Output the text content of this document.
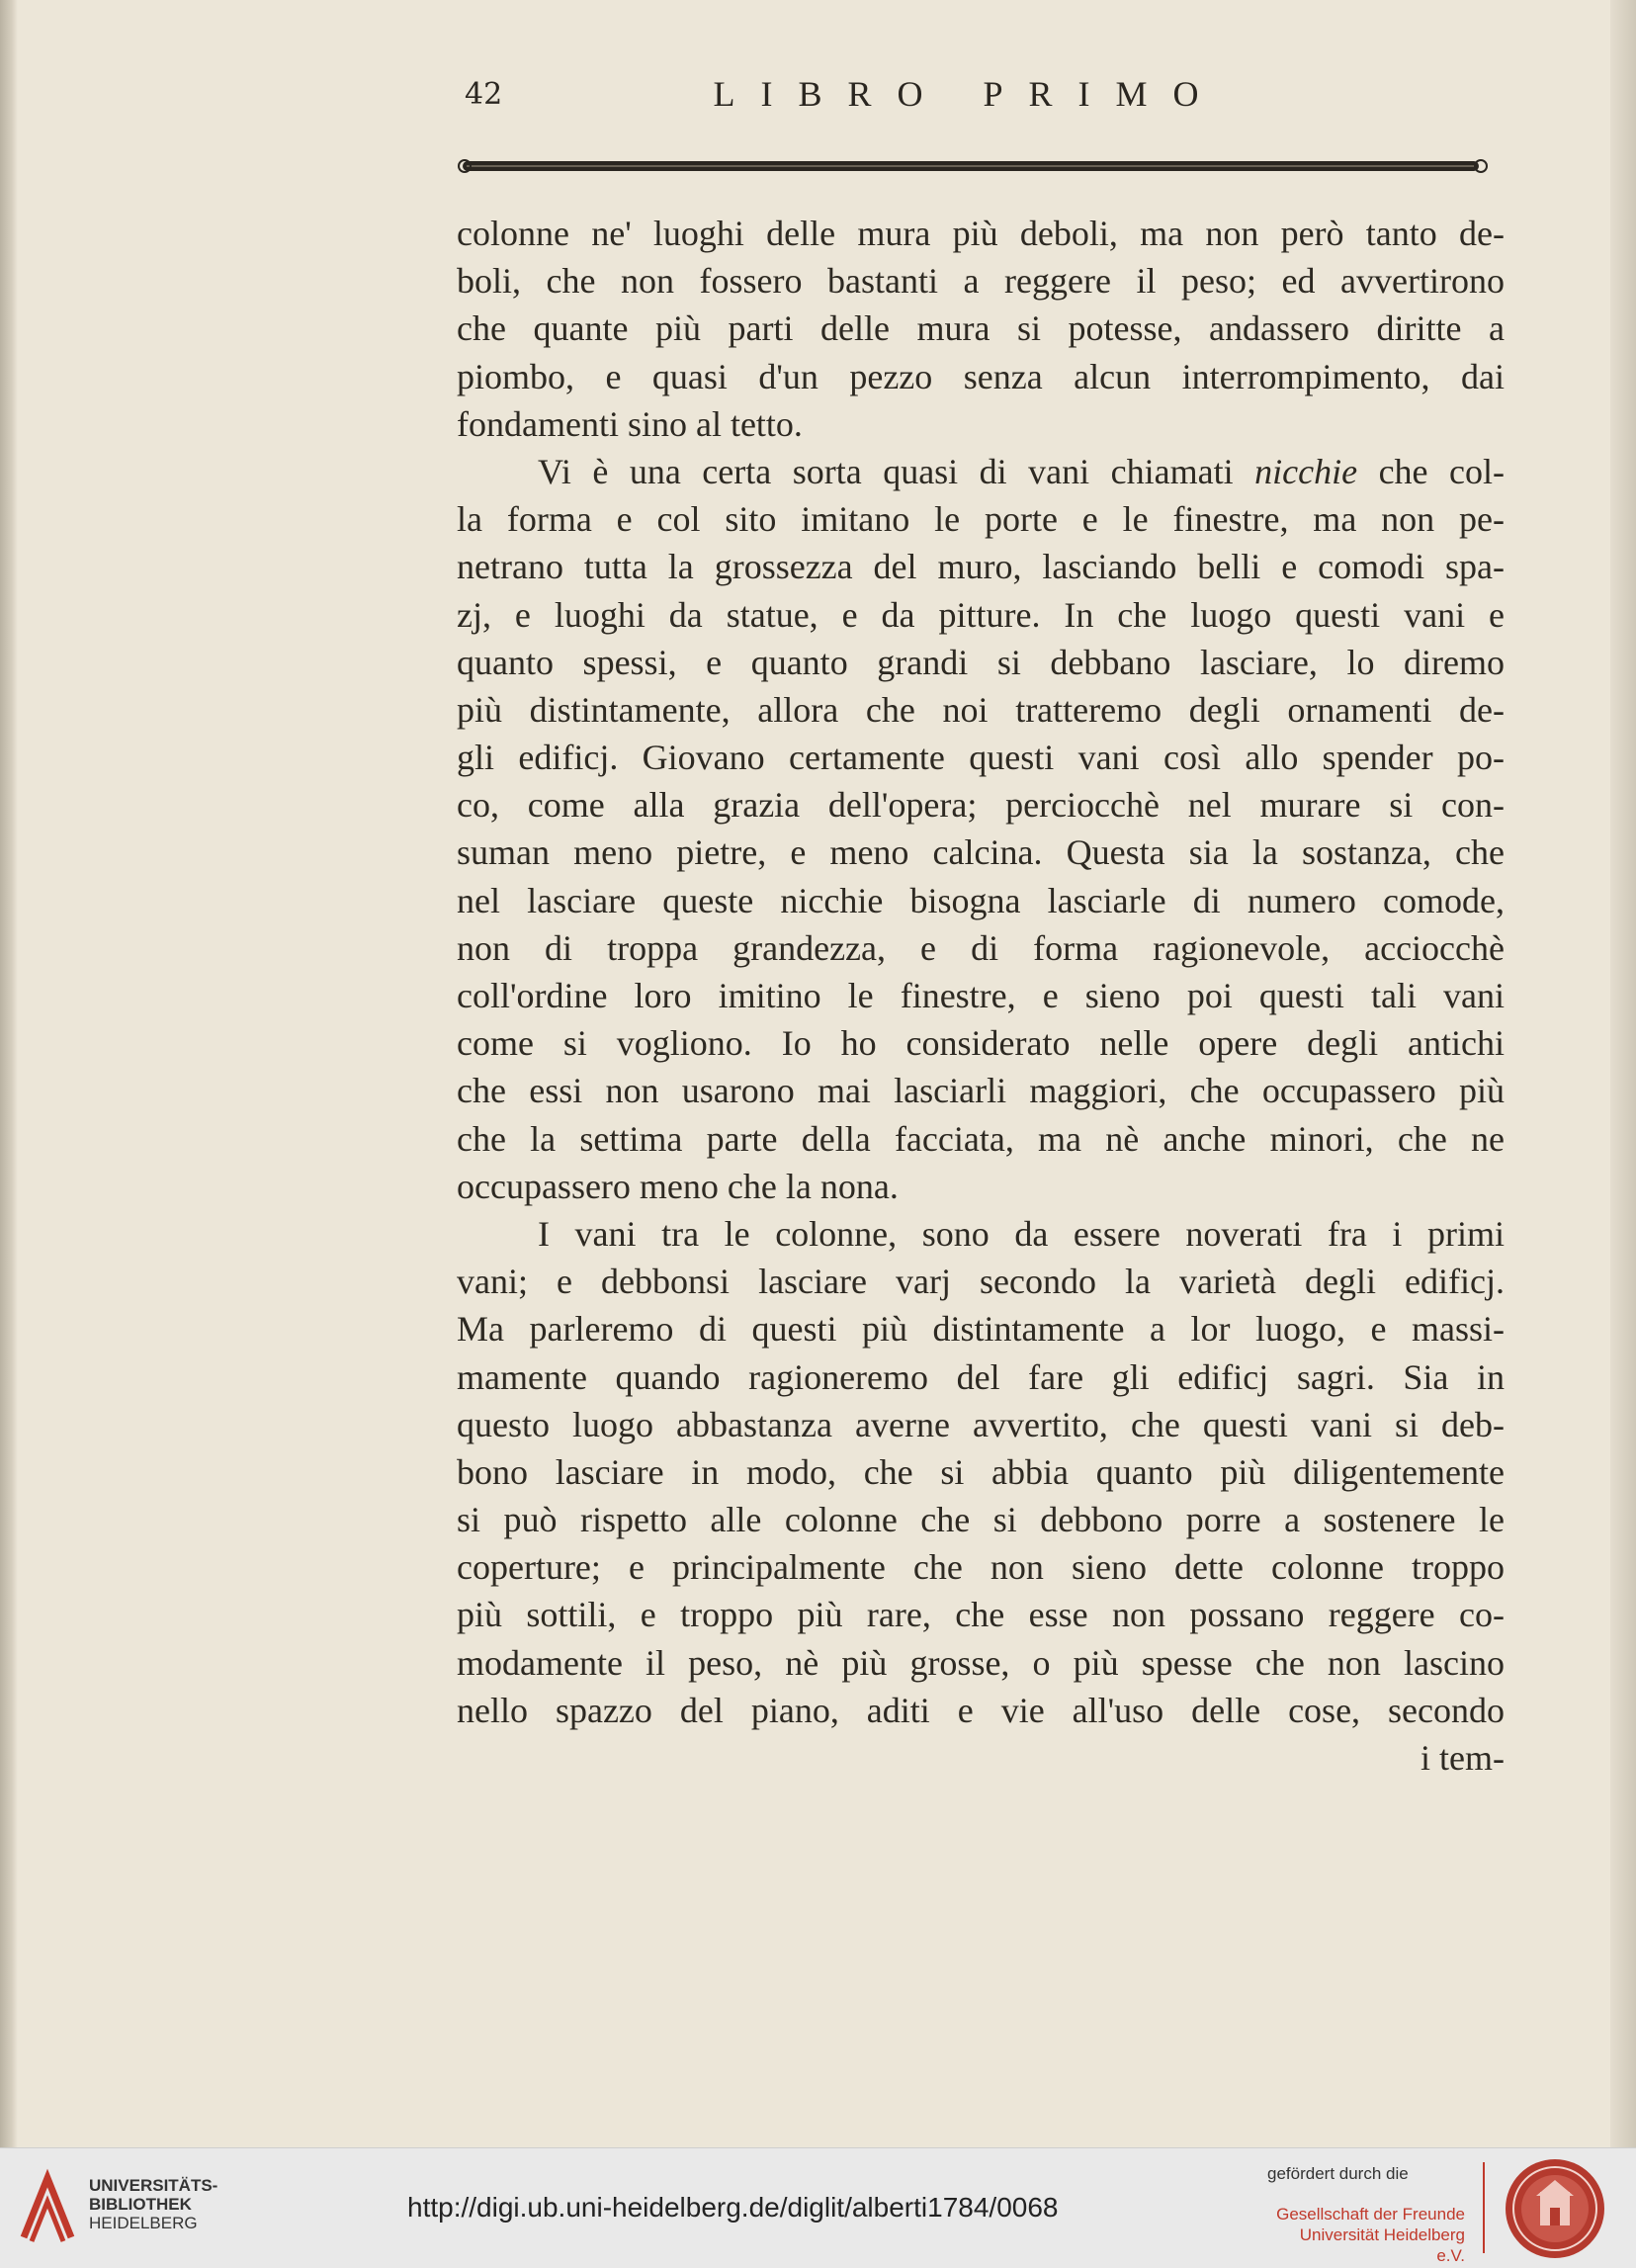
42	LIBRO PRIMO
colonne ne' luoghi delle mura più deboli, ma non però tanto de-
boli, che non fossero bastanti a reggere il peso; ed avvertirono
che quante più parti delle mura si potesse, andassero diritte a
piombo, e quasi d'un pezzo senza alcun interrompimento, dai
fondamenti sino al tetto.
Vi è una certa sorta quasi di vani chiamati nicchie che col-
la forma e col sito imitano le porte e le finestre, ma non pe-
netrano tutta la grossezza del muro, lasciando belli e comodi spa-
zj, e luoghi da statue, e da pitture. In che luogo questi vani e
quanto spessi, e quanto grandi si debbano lasciare, lo diremo
più distintamente, allora che noi tratteremo degli ornamenti de-
gli edificj. Giovano certamente questi vani così allo spender po-
co, come alla grazia dell'opera; perciocchè nel murare si con-
suman meno pietre, e meno calcina. Questa sia la sostanza, che
nel lasciare queste nicchie bisogna lasciarle di numero comode,
non di troppa grandezza, e di forma ragionevole, acciocchè
coll'ordine loro imitino le finestre, e sieno poi questi tali vani
come si vogliono. Io ho considerato nelle opere degli antichi
che essi non usarono mai lasciarli maggiori, che occupassero più
che la settima parte della facciata, ma nè anche minori, che ne
occupassero meno che la nona.
I vani tra le colonne, sono da essere noverati fra i primi
vani; e debbonsi lasciare varj secondo la varietà degli edificj.
Ma parleremo di questi più distintamente a lor luogo, e massi-
mamente quando ragioneremo del fare gli edificj sagri. Sia in
questo luogo abbastanza averne avvertito, che questi vani si deb-
bono lasciare in modo, che si abbia quanto più diligentemente
si può rispetto alle colonne che si debbono porre a sostenere le
coperture; e principalmente che non sieno dette colonne troppo
più sottili, e troppo più rare, che esse non possano reggere co-
modamente il peso, nè più grosse, o più spesse che non lascino
nello spazzo del piano, aditi e vie all'uso delle cose, secondo
i tem-
UNIVERSITÄTS-
BIBLIOTHEK
HEIDELBERG
http://digi.ub.uni-heidelberg.de/diglit/alberti1784/0068
gefördert durch die
Gesellschaft der Freunde
Universität Heidelberg e.V.
